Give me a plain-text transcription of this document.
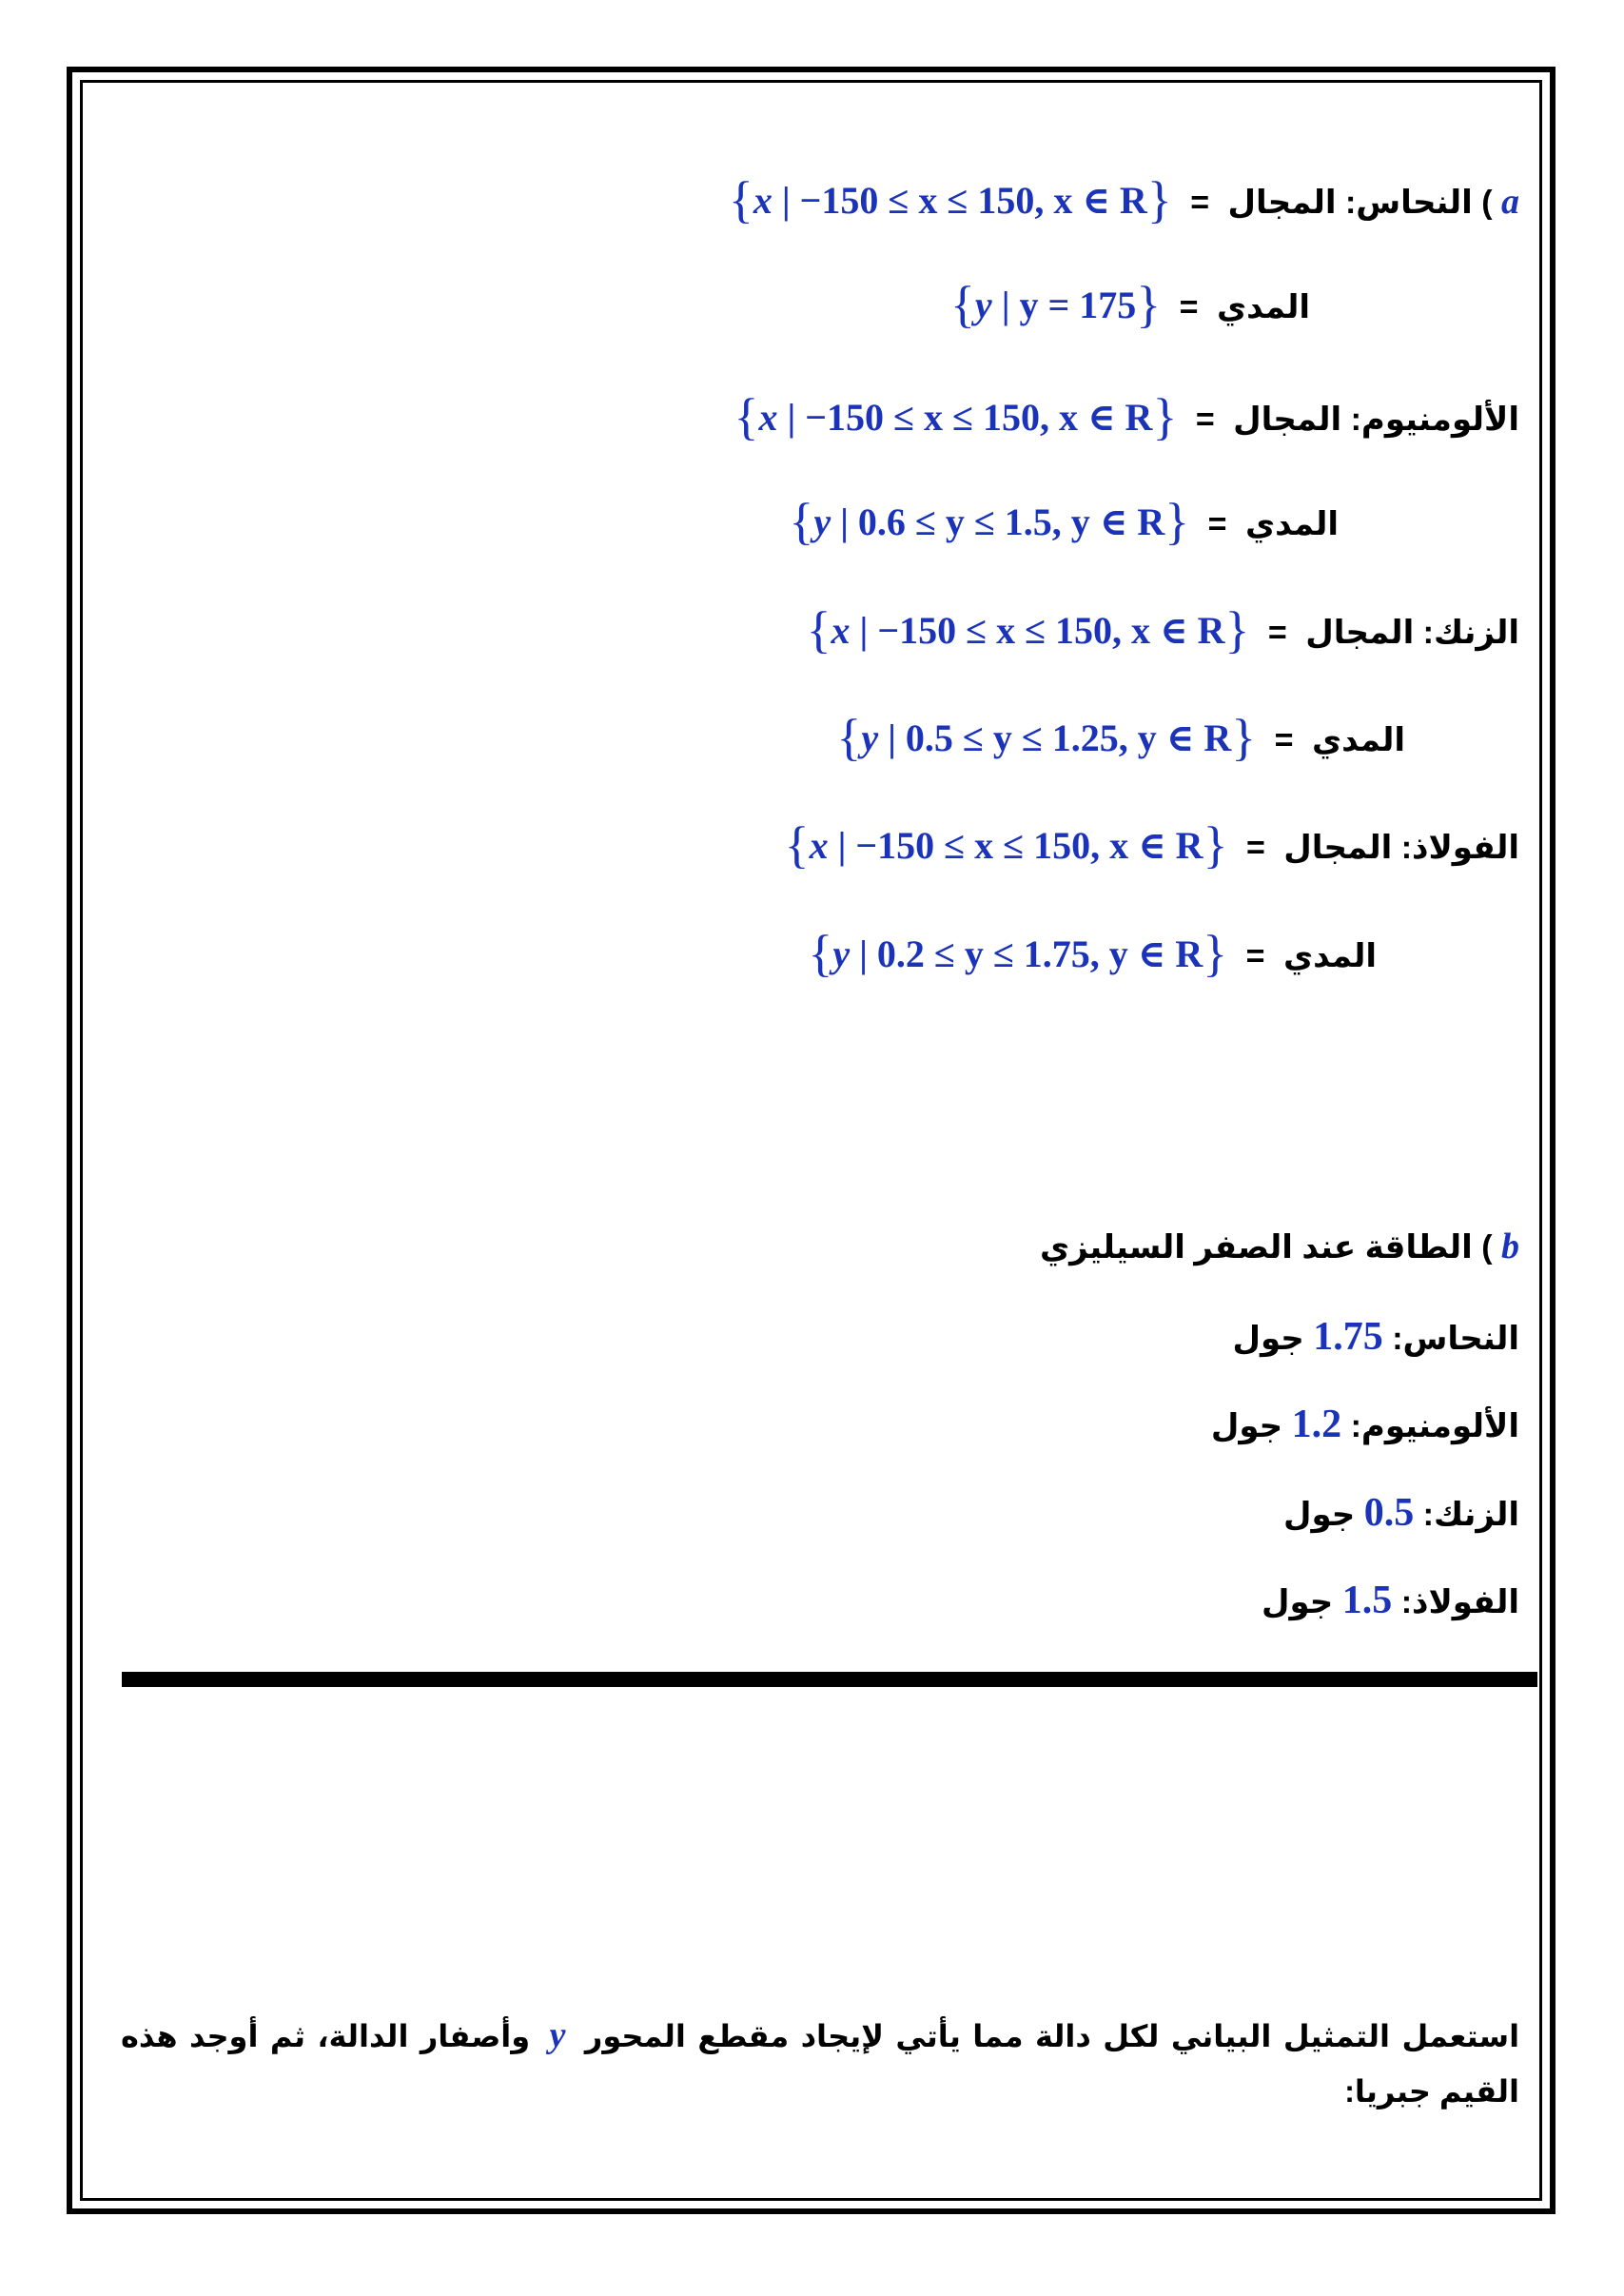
a ) النحاس: المجال = {x | −150 ≤ x ≤ 150, x ∈ R}
المدي = {y | y = 175}
الألومنيوم: المجال = {x | −150 ≤ x ≤ 150, x ∈ R}
المدي = {y | 0.6 ≤ y ≤ 1.5, y ∈ R}
الزنك: المجال = {x | −150 ≤ x ≤ 150, x ∈ R}
المدي = {y | 0.5 ≤ y ≤ 1.25, y ∈ R}
الفولاذ: المجال = {x | −150 ≤ x ≤ 150, x ∈ R}
المدي = {y | 0.2 ≤ y ≤ 1.75, y ∈ R}
b ) الطاقة عند الصفر السيليزي
النحاس: 1.75 جول
الألومنيوم: 1.2 جول
الزنك: 0.5 جول
الفولاذ: 1.5 جول
استعمل التمثيل البياني لكل دالة مما يأتي لإيجاد مقطع المحور y وأصفار الدالة، ثم أوجد هذه القيم جبريا:
